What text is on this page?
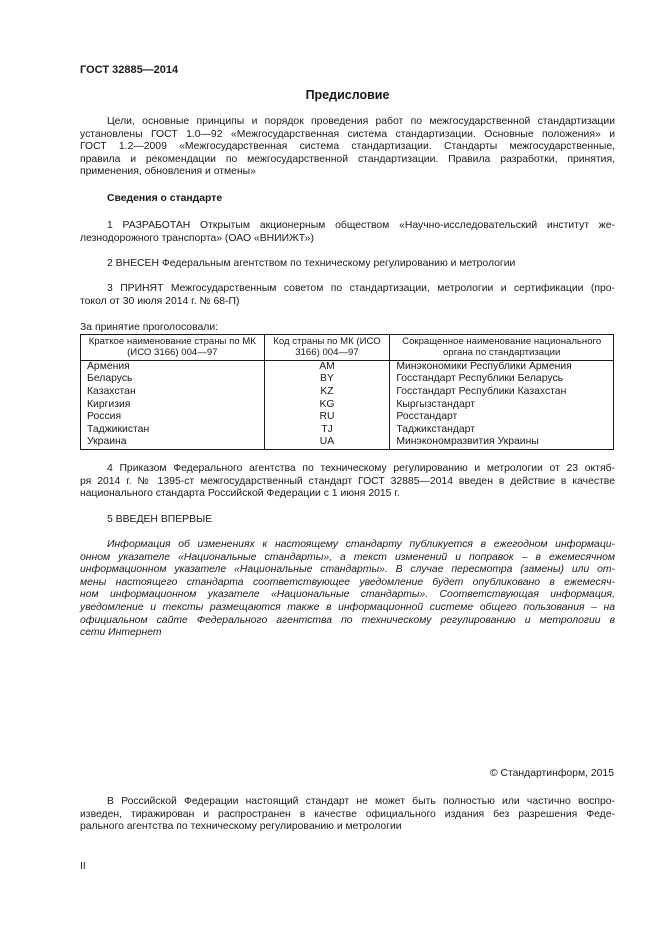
ГОСТ 32885—2014
Предисловие
Цели, основные принципы и порядок проведения работ по межгосударственной стандартизации
установлены ГОСТ 1.0—92 «Межгосударственная система стандартизации. Основные положения» и
ГОСТ 1.2—2009 «Межгосударственная система стандартизации. Стандарты межгосударственные,
правила и рекомендации по межгосударственной стандартизации. Правила разработки, принятия,
применения, обновления и отмены»
Сведения о стандарте
1 РАЗРАБОТАН Открытым акционерным обществом «Научно-исследовательский институт же-
лезнодорожного транспорта» (ОАО «ВНИИЖТ»)
2 ВНЕСЕН Федеральным агентством по техническому регулированию и метрологии
3 ПРИНЯТ Межгосударственным советом по стандартизации, метрологии и сертификации (про-
токол от 30 июля 2014 г. № 68-П)
За принятие проголосовали:
Краткое наименование страны по МК (ИСО 3166) 004—97	Код страны по МК (ИСО 3166) 004—97	Сокращенное наименование национального органа по стандартизации
Армения	AM	Минэкономики Республики Армения
Беларусь	BY	Госстандарт Республики Беларусь
Казахстан	KZ	Госстандарт Республики Казахстан
Киргизия	KG	Кыргызстандарт
Россия	RU	Росстандарт
Таджикистан	TJ	Таджикстандарт
Украина	UA	Минэкономразвития Украины
4 Приказом Федерального агентства по техническому регулированию и метрологии от 23 октяб-
ря 2014 г. № 1395-ст межгосударственный стандарт ГОСТ 32885—2014 введен в действие в качестве
национального стандарта Российской Федерации с 1 июня 2015 г.
5 ВВЕДЕН ВПЕРВЫЕ
Информация об изменениях к настоящему стандарту публикуется в ежегодном информаци-
онном указателе «Национальные стандарты», а текст изменений и поправок – в ежемесячном
информационном указателе «Национальные стандарты». В случае пересмотра (замены) или от-
мены настоящего стандарта соответствующее уведомление будет опубликовано в ежемесяч-
ном информационном указателе «Национальные стандарты». Соответствующая информация,
уведомление и тексты размещаются также в информационной системе общего пользования – на
официальном сайте Федерального агентства по техническому регулированию и метрологии в
сети Интернет
© Стандартинформ, 2015
В Российской Федерации настоящий стандарт не может быть полностью или частично воспро-
изведен, тиражирован и распространен в качестве официального издания без разрешения Феде-
рального агентства по техническому регулированию и метрологии
II
